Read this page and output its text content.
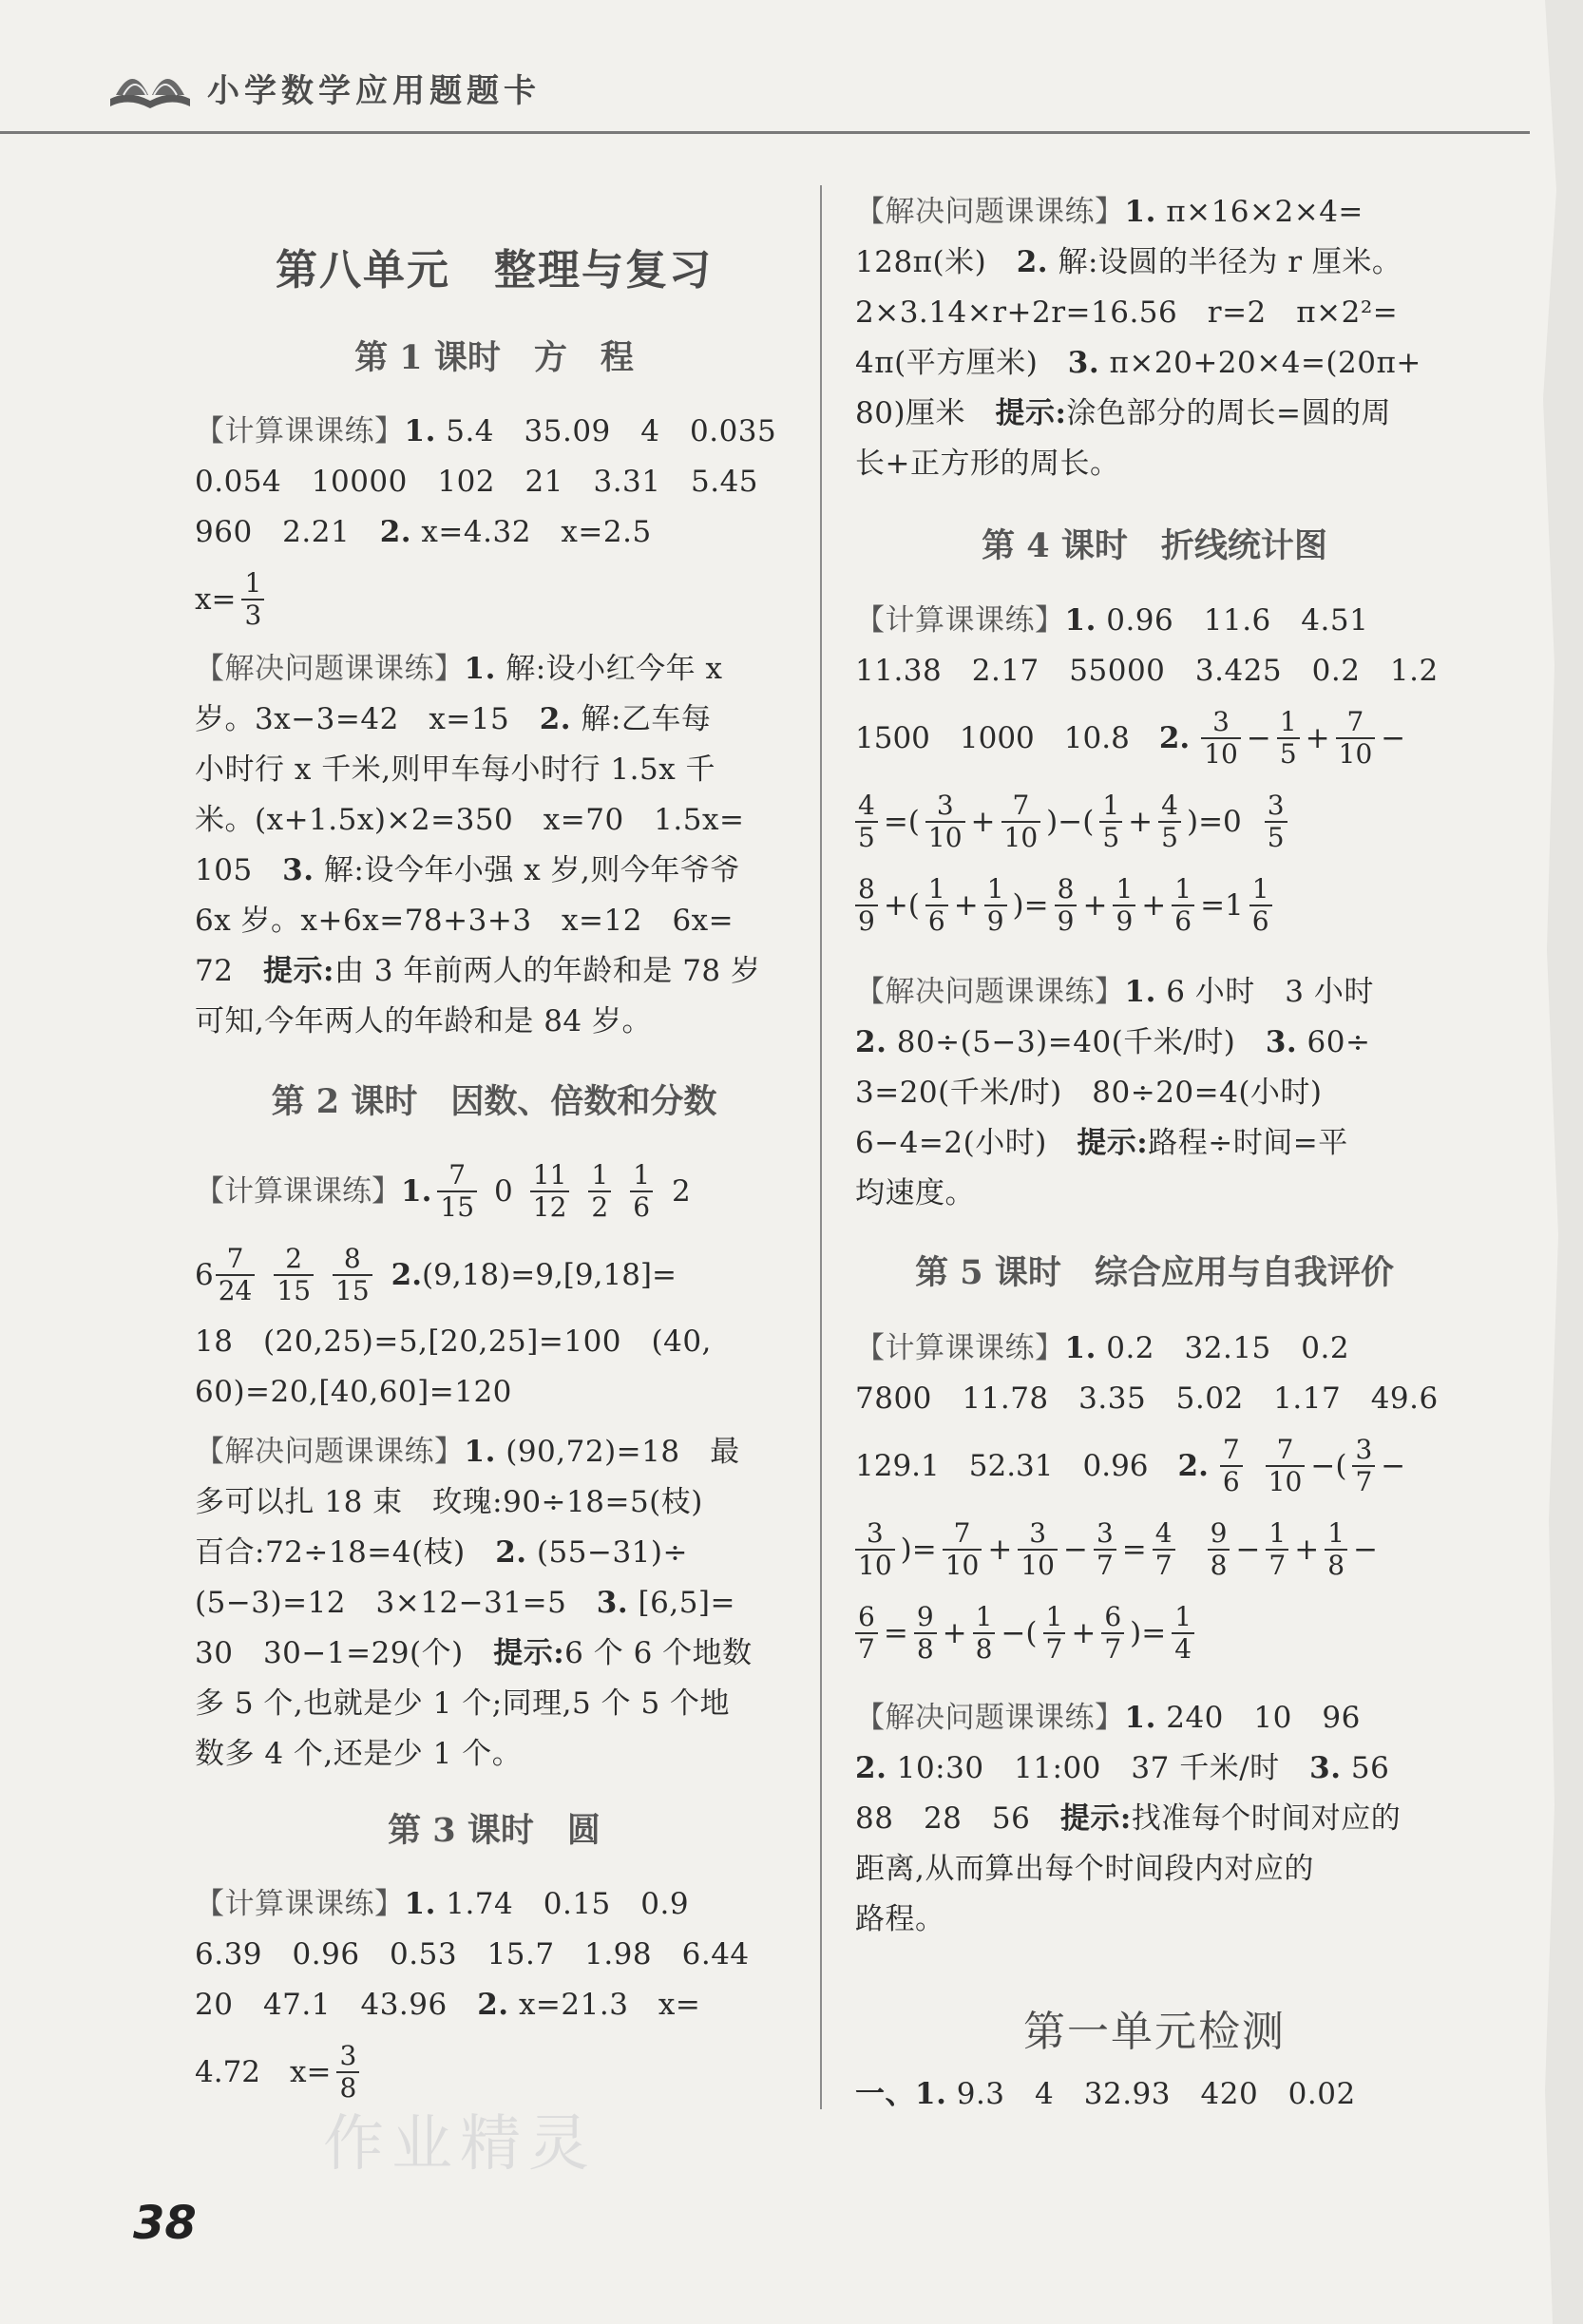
小学数学应用题题卡
第八单元　整理与复习
第 1 课时　方　程
【计算课课练】1. 5.4　35.09　4　0.035
0.054　10000　102　21　3.31　5.45
960　2.21　2. x=4.32　x=2.5
$x= \frac{1}{3}$
【解决问题课课练】1. 解:设小红今年 x
岁。3x−3=42　x=15　2. 解:乙车每
小时行 x 千米,则甲车每小时行 1.5x 千
米。(x+1.5x)×2=350　x=70　1.5x=
105　3. 解:设今年小强 x 岁,则今年爷爷
6x 岁。x+6x=78+3+3　x=12　6x=
72　提示:由 3 年前两人的年龄和是 78 岁
可知,今年两人的年龄和是 84 岁。
第 2 课时　因数、倍数和分数
【计算课课练】 1. $\frac{7}{15} 0 \frac{11}{12} \frac{1}{2} \frac{1}{6} 2$
$6 \frac{7}{24} \frac{2}{15} \frac{8}{15} 2$. (9,18)=9,[9,18]=
18　(20,25)=5,[20,25]=100　(40,
60)=20,[40,60]=120
【解决问题课课练】1. (90,72)=18　最
多可以扎 18 束　玫瑰:90÷18=5(枝)
百合:72÷18=4(枝)　2. (55−31)÷
(5−3)=12　3×12−31=5　3. [6,5]=
30　30−1=29(个)　提示:6 个 6 个地数
多 5 个,也就是少 1 个;同理,5 个 5 个地
数多 4 个,还是少 1 个。
第 3 课时　圆
【计算课课练】1. 1.74　0.15　0.9
6.39　0.96　0.53　15.7　1.98　6.44
20　47.1　43.96　2. x=21.3　x=
4.72　$x= \frac{3}{8}$
【解决问题课课练】1. π×16×2×4=
128π(米)　2. 解:设圆的半径为 r 厘米。
2×3.14×r+2r=16.56　r=2　π×2²=
4π(平方厘米)　3. π×20+20×4=(20π+
80)厘米　提示:涂色部分的周长=圆的周
长+正方形的周长。
第 4 课时　折线统计图
【计算课课练】1. 0.96　11.6　4.51
11.38　2.17　55000　3.425　0.2　1.2
1500　1000　10.8　 2. $\frac{3}{10} - \frac{1}{5} + \frac{7}{10}$ −
$\frac{4}{5}$ =( $\frac{3}{10} + \frac{7}{10}$ )−( $\frac{1}{5} + \frac{4}{5} )=0 \frac{3}{5}$
$\frac{8}{9}$ +( $\frac{1}{6} + \frac{1}{9}$ )= $\frac{8}{9} + \frac{1}{9} + \frac{1}{6} =1 \frac{1}{6}$
【解决问题课课练】1. 6 小时　3 小时
2. 80÷(5−3)=40(千米/时)　3. 60÷
3=20(千米/时)　80÷20=4(小时)
6−4=2(小时)　提示:路程÷时间=平
均速度。
第 5 课时　综合应用与自我评价
【计算课课练】1. 0.2　32.15　0.2
7800　11.78　3.35　5.02　1.17　49.6
129.1　52.31　0.96　 2. $\frac{7}{6} \frac{7}{10}$ −( $\frac{3}{7}$ −
$\frac{3}{10}$ )= $\frac{7}{10} + \frac{3}{10} - \frac{3}{7} = \frac{4}{7} \frac{9}{8} - \frac{1}{7} + \frac{1}{8}$ −
$\frac{6}{7} = \frac{9}{8} + \frac{1}{8}$ −( $\frac{1}{7} + \frac{6}{7}$ )= $\frac{1}{4}$
【解决问题课课练】1. 240　10　96
2. 10:30　11:00　37 千米/时　3. 56
88　28　56　提示:找准每个时间对应的
距离,从而算出每个时间段内对应的
路程。
第一单元检测
一、1. 9.3　4　32.93　420　0.02
作业精灵
38
